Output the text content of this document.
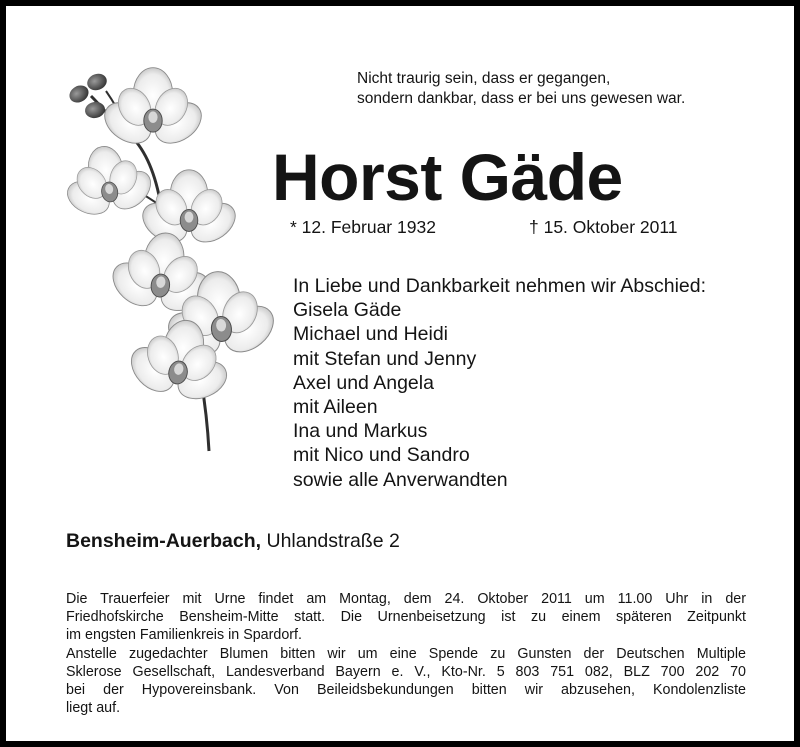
Nicht traurig sein, dass er gegangen,
sondern dankbar, dass er bei uns gewesen war.
Horst Gäde
* 12. Februar 1932	† 15. Oktober 2011
In Liebe und Dankbarkeit nehmen wir Abschied:
Gisela Gäde
Michael und Heidi
mit Stefan und Jenny
Axel und Angela
mit Aileen
Ina und Markus
mit Nico und Sandro
sowie alle Anverwandten
Bensheim-Auerbach, Uhlandstraße 2
Die Trauerfeier mit Urne findet am Montag, dem 24. Oktober 2011 um 11.00 Uhr in der
Friedhofskirche Bensheim-Mitte statt. Die Urnenbeisetzung ist zu einem späteren Zeitpunkt
im engsten Familienkreis in Spardorf.
Anstelle zugedachter Blumen bitten wir um eine Spende zu Gunsten der Deutschen Multiple
Sklerose Gesellschaft, Landesverband Bayern e. V., Kto-Nr. 5 803 751 082, BLZ 700 202 70
bei der Hypovereinsbank. Von Beileidsbekundungen bitten wir abzusehen, Kondolenzliste
liegt auf.
